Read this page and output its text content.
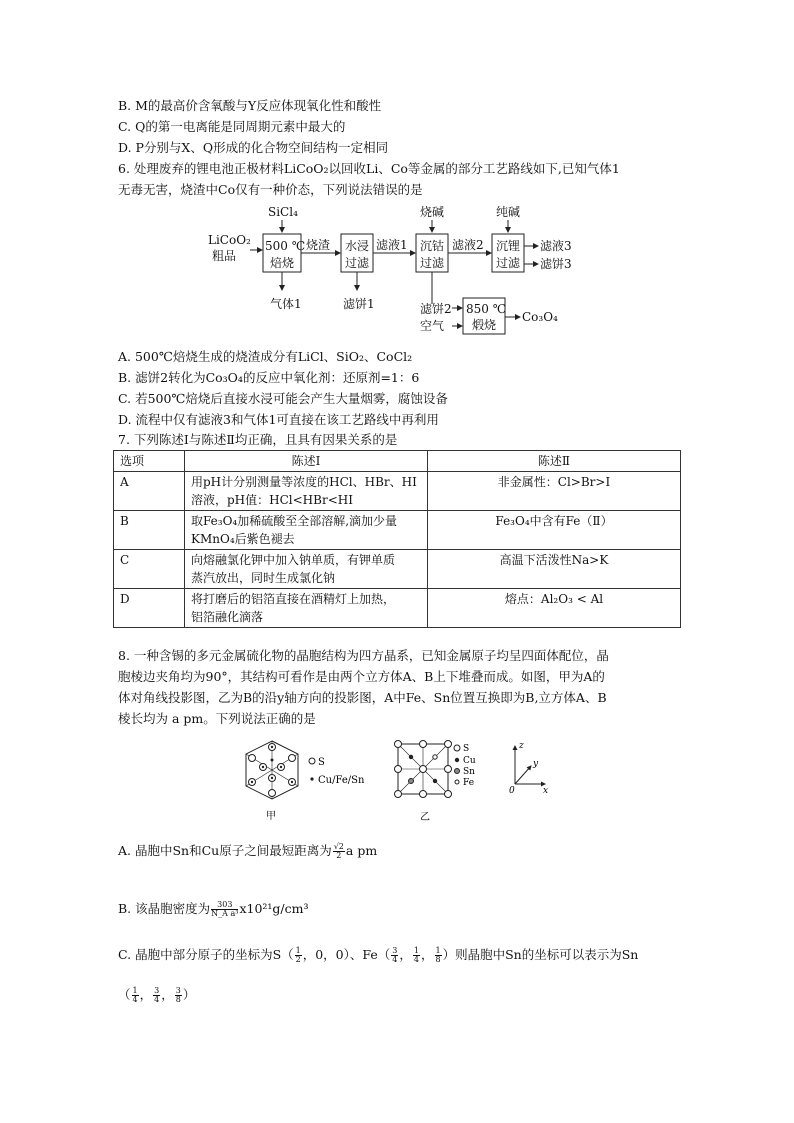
B. M的最高价含氧酸与Y反应体现氧化性和酸性
C. Q的第一电离能是同周期元素中最大的
D. P分别与X、Q形成的化合物空间结构一定相同
6. 处理废弃的锂电池正极材料LiCoO₂以回收Li、Co等金属的部分工艺路线如下,已知气体1
无毒无害，烧渣中Co仅有一种价态，下列说法错误的是
LiCoO₂
粗品
500 ℃
焙烧
SiCl₄
气体1
烧渣 水浸
过滤
滤饼1
滤液1 沉钴
过滤
烧碱
滤液2 沉锂
过滤
纯碱
滤液3
滤饼3
滤饼2
空气
850 ℃
煅烧
Co₃O₄
A. 500℃焙烧生成的烧渣成分有LiCl、SiO₂、CoCl₂
B. 滤饼2转化为Co₃O₄的反应中氧化剂：还原剂=1：6
C. 若500℃焙烧后直接水浸可能会产生大量烟雾，腐蚀设备
D. 流程中仅有滤液3和气体1可直接在该工艺路线中再利用
7. 下列陈述Ⅰ与陈述Ⅱ均正确，且具有因果关系的是
选项	陈述Ⅰ	陈述Ⅱ
A	用pH计分别测量等浓度的HCl、HBr、HI
溶液，pH值：HCl<HBr<HI	非金属性：Cl>Br>I
B	取Fe₃O₄加稀硫酸至全部溶解,滴加少量
KMnO₄后紫色褪去	Fe₃O₄中含有Fe（Ⅱ）
C	向熔融氯化钾中加入钠单质，有钾单质
蒸汽放出，同时生成氯化钠	高温下活泼性Na>K
D	将打磨后的铝箔直接在酒精灯上加热，
铝箔融化滴落	熔点：Al₂O₃ < Al
8. 一种含锡的多元金属硫化物的晶胞结构为四方晶系，已知金属原子均呈四面体配位，晶
胞棱边夹角均为90°，其结构可看作是由两个立方体A、B上下堆叠而成。如图，甲为A的
体对角线投影图，乙为B的沿y轴方向的投影图，A中Fe、Sn位置互换即为B,立方体A、B
棱长均为 a pm。下列说法正确的是
S
Cu/Fe/Sn
甲
S
Cu
Sn
Fe
乙
z
y
x
0
A. 晶胞中Sn和Cu原子之间最短距离为 $\frac{√2}{2}$ a pm
B. 该晶胞密度为 $\frac{303}{\text{N\_A a³}} x10^{21}g/cm^3$
C. 晶胞中部分原子的坐标为$S( \frac{1}{2}$ ，0，0）、$Fe( \frac{3}{4}$ ， $\frac{1}{4}$ ， $\frac{1}{8}$ ）则晶胞中Sn的坐标可以表示为Sn
（ $\frac{1}{4}$ ， $\frac{3}{4}$ ， $\frac{3}{8}$ ）
